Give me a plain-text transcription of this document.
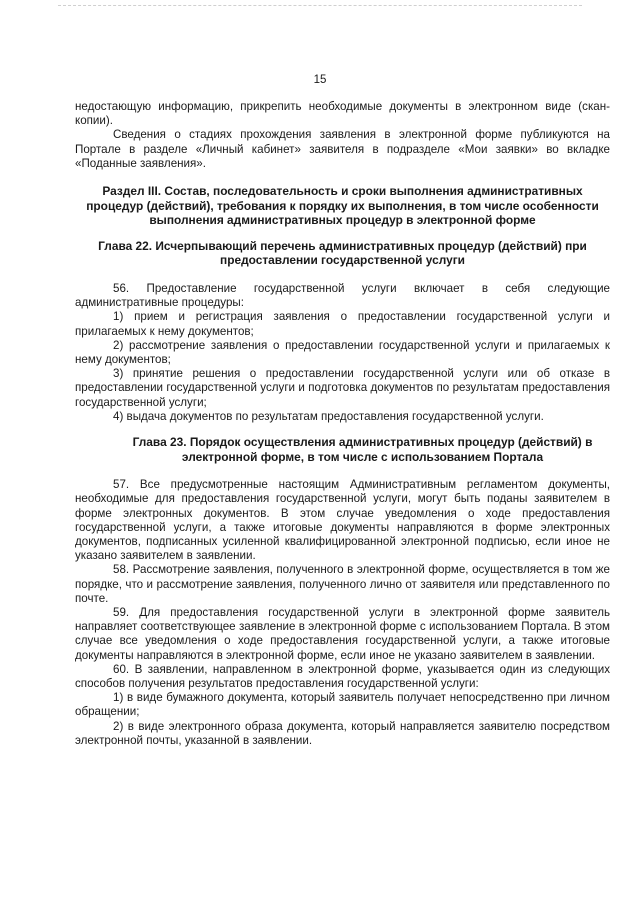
15

недостающую информацию, прикрепить необходимые документы в электронном виде (скан-копии).

Сведения о стадиях прохождения заявления в электронной форме публикуются на Портале в разделе «Личный кабинет» заявителя в подразделе «Мои заявки» во вкладке «Поданные заявления».

Раздел III. Состав, последовательность и сроки выполнения административных процедур (действий), требования к порядку их выполнения, в том числе особенности выполнения административных процедур в электронной форме
Глава 22. Исчерпывающий перечень административных процедур (действий) при предоставлении государственной услуги

56. Предоставление государственной услуги включает в себя следующие административные процедуры:

1) прием и регистрация заявления о предоставлении государственной услуги и прилагаемых к нему документов;

2) рассмотрение заявления о предоставлении государственной услуги и прилагаемых к нему документов;

3) принятие решения о предоставлении государственной услуги или об отказе в предоставлении государственной услуги и подготовка документов по результатам предоставления государственной услуги;

4) выдача документов по результатам предоставления государственной услуги.

Глава 23. Порядок осуществления административных процедур (действий) в электронной форме, в том числе с использованием Портала

57. Все предусмотренные настоящим Административным регламентом документы, необходимые для предоставления государственной услуги, могут быть поданы заявителем в форме электронных документов. В этом случае уведомления о ходе предоставления государственной услуги, а также итоговые документы направляются в форме электронных документов, подписанных усиленной квалифицированной электронной подписью, если иное не указано заявителем в заявлении.

58. Рассмотрение заявления, полученного в электронной форме, осуществляется в том же порядке, что и рассмотрение заявления, полученного лично от заявителя или представленного по почте.

59. Для предоставления государственной услуги в электронной форме заявитель направляет соответствующее заявление в электронной форме с использованием Портала. В этом случае все уведомления о ходе предоставления государственной услуги, а также итоговые документы направляются в электронной форме, если иное не указано заявителем в заявлении.

60. В заявлении, направленном в электронной форме, указывается один из следующих способов получения результатов предоставления государственной услуги:

1) в виде бумажного документа, который заявитель получает непосредственно при личном обращении;

2) в виде электронного образа документа, который направляется заявителю посредством электронной почты, указанной в заявлении.
